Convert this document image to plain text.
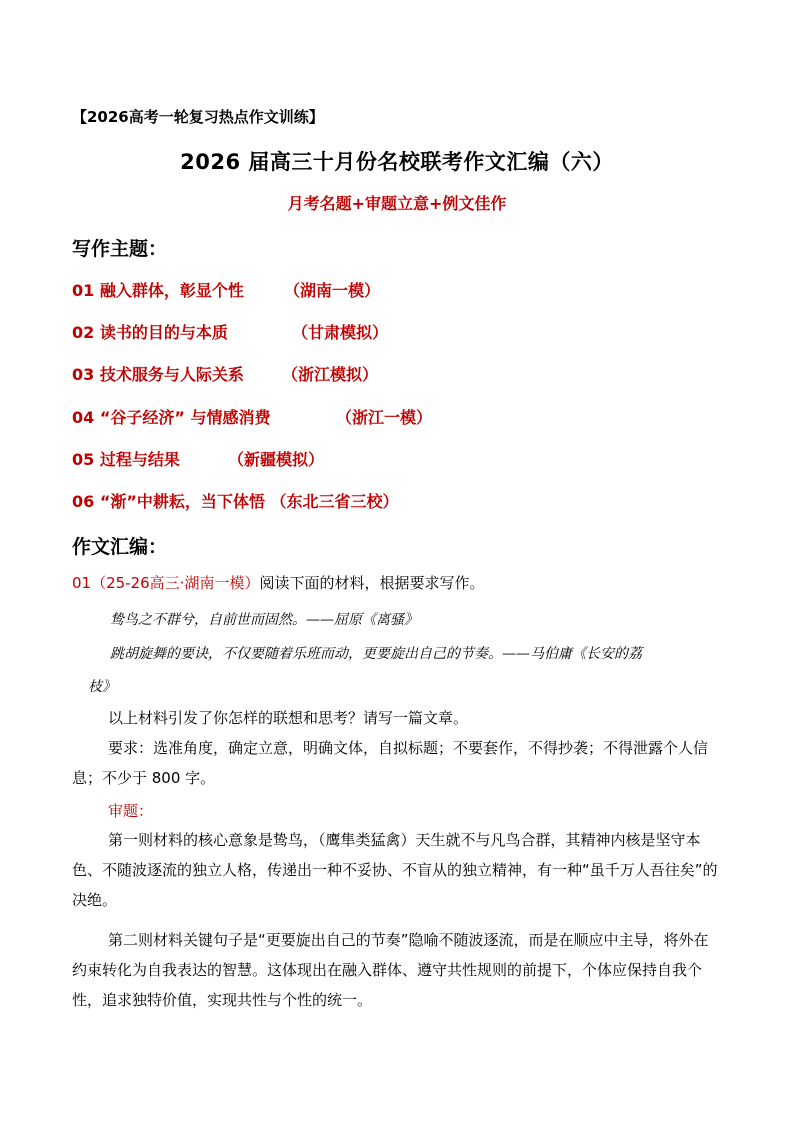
【2026高考一轮复习热点作文训练】
2026 届高三十月份名校联考作文汇编（六）
月考名题+审题立意+例文佳作
写作主题：
01 融入群体，彰显个性	（湖南一模）
02 读书的目的与本质	（甘肃模拟）
03 技术服务与人际关系 （浙江模拟）
04 “谷子经济” 与情感消费	（浙江一模）
05 过程与结果	（新疆模拟）
06 “渐”中耕耘，当下体悟 （东北三省三校）
作文汇编：
01（25-26高三·湖南一模）阅读下面的材料，根据要求写作。
鸷鸟之不群兮，自前世而固然。——屈原《离骚》
跳胡旋舞的要诀，不仅要随着乐班而动，更要旋出自己的节奏。——马伯庸《长安的荔
枝》
以上材料引发了你怎样的联想和思考？请写一篇文章。
要求：选准角度，确定立意，明确文体，自拟标题；不要套作，不得抄袭；不得泄露个人信息；不少于 800 字。
审题：
第一则材料的核心意象是鸷鸟，（鹰隼类猛禽）天生就不与凡鸟合群，其精神内核是坚守本色、不随波逐流的独立人格，传递出一种不妥协、不盲从的独立精神，有一种“虽千万人吾往矣”的决绝。
第二则材料关键句子是“更要旋出自己的节奏”隐喻不随波逐流，而是在顺应中主导，将外在约束转化为自我表达的智慧。这体现出在融入群体、遵守共性规则的前提下，个体应保持自我个性，追求独特价值，实现共性与个性的统一。
